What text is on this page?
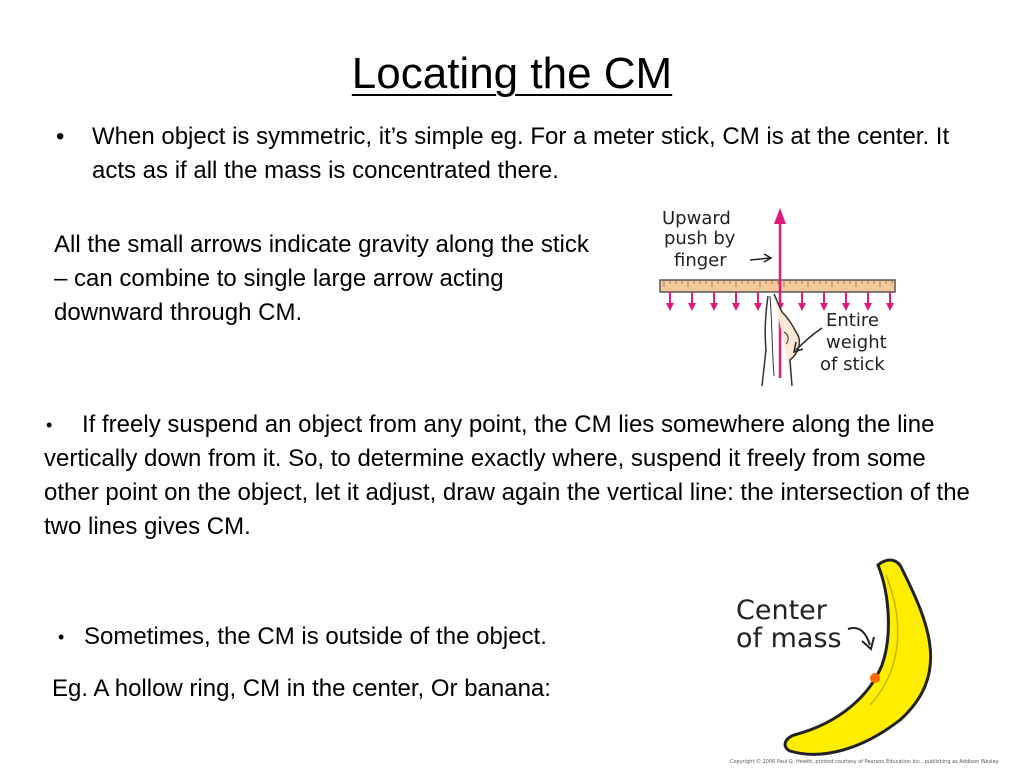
Locating the CM
• When object is symmetric, it’s simple eg. For a meter stick, CM is at the center. It acts as if all the mass is concentrated there.
All the small arrows indicate gravity along the stick – can combine to single large arrow acting downward through CM.
Upward
push by
finger
Entire
weight
of stick
•	If freely suspend an object from any point, the CM lies somewhere along the line vertically down from it. So, to determine exactly where, suspend it freely from some other point on the object, let it adjust, draw again the vertical line: the intersection of the two lines gives CM.
• Sometimes, the CM is outside of the object.
Eg. A hollow ring, CM in the center, Or banana:
Center
of mass
Copyright © 2006 Paul G. Hewitt, printed courtesy of Pearson Education Inc., publishing as Addison Wesley.
